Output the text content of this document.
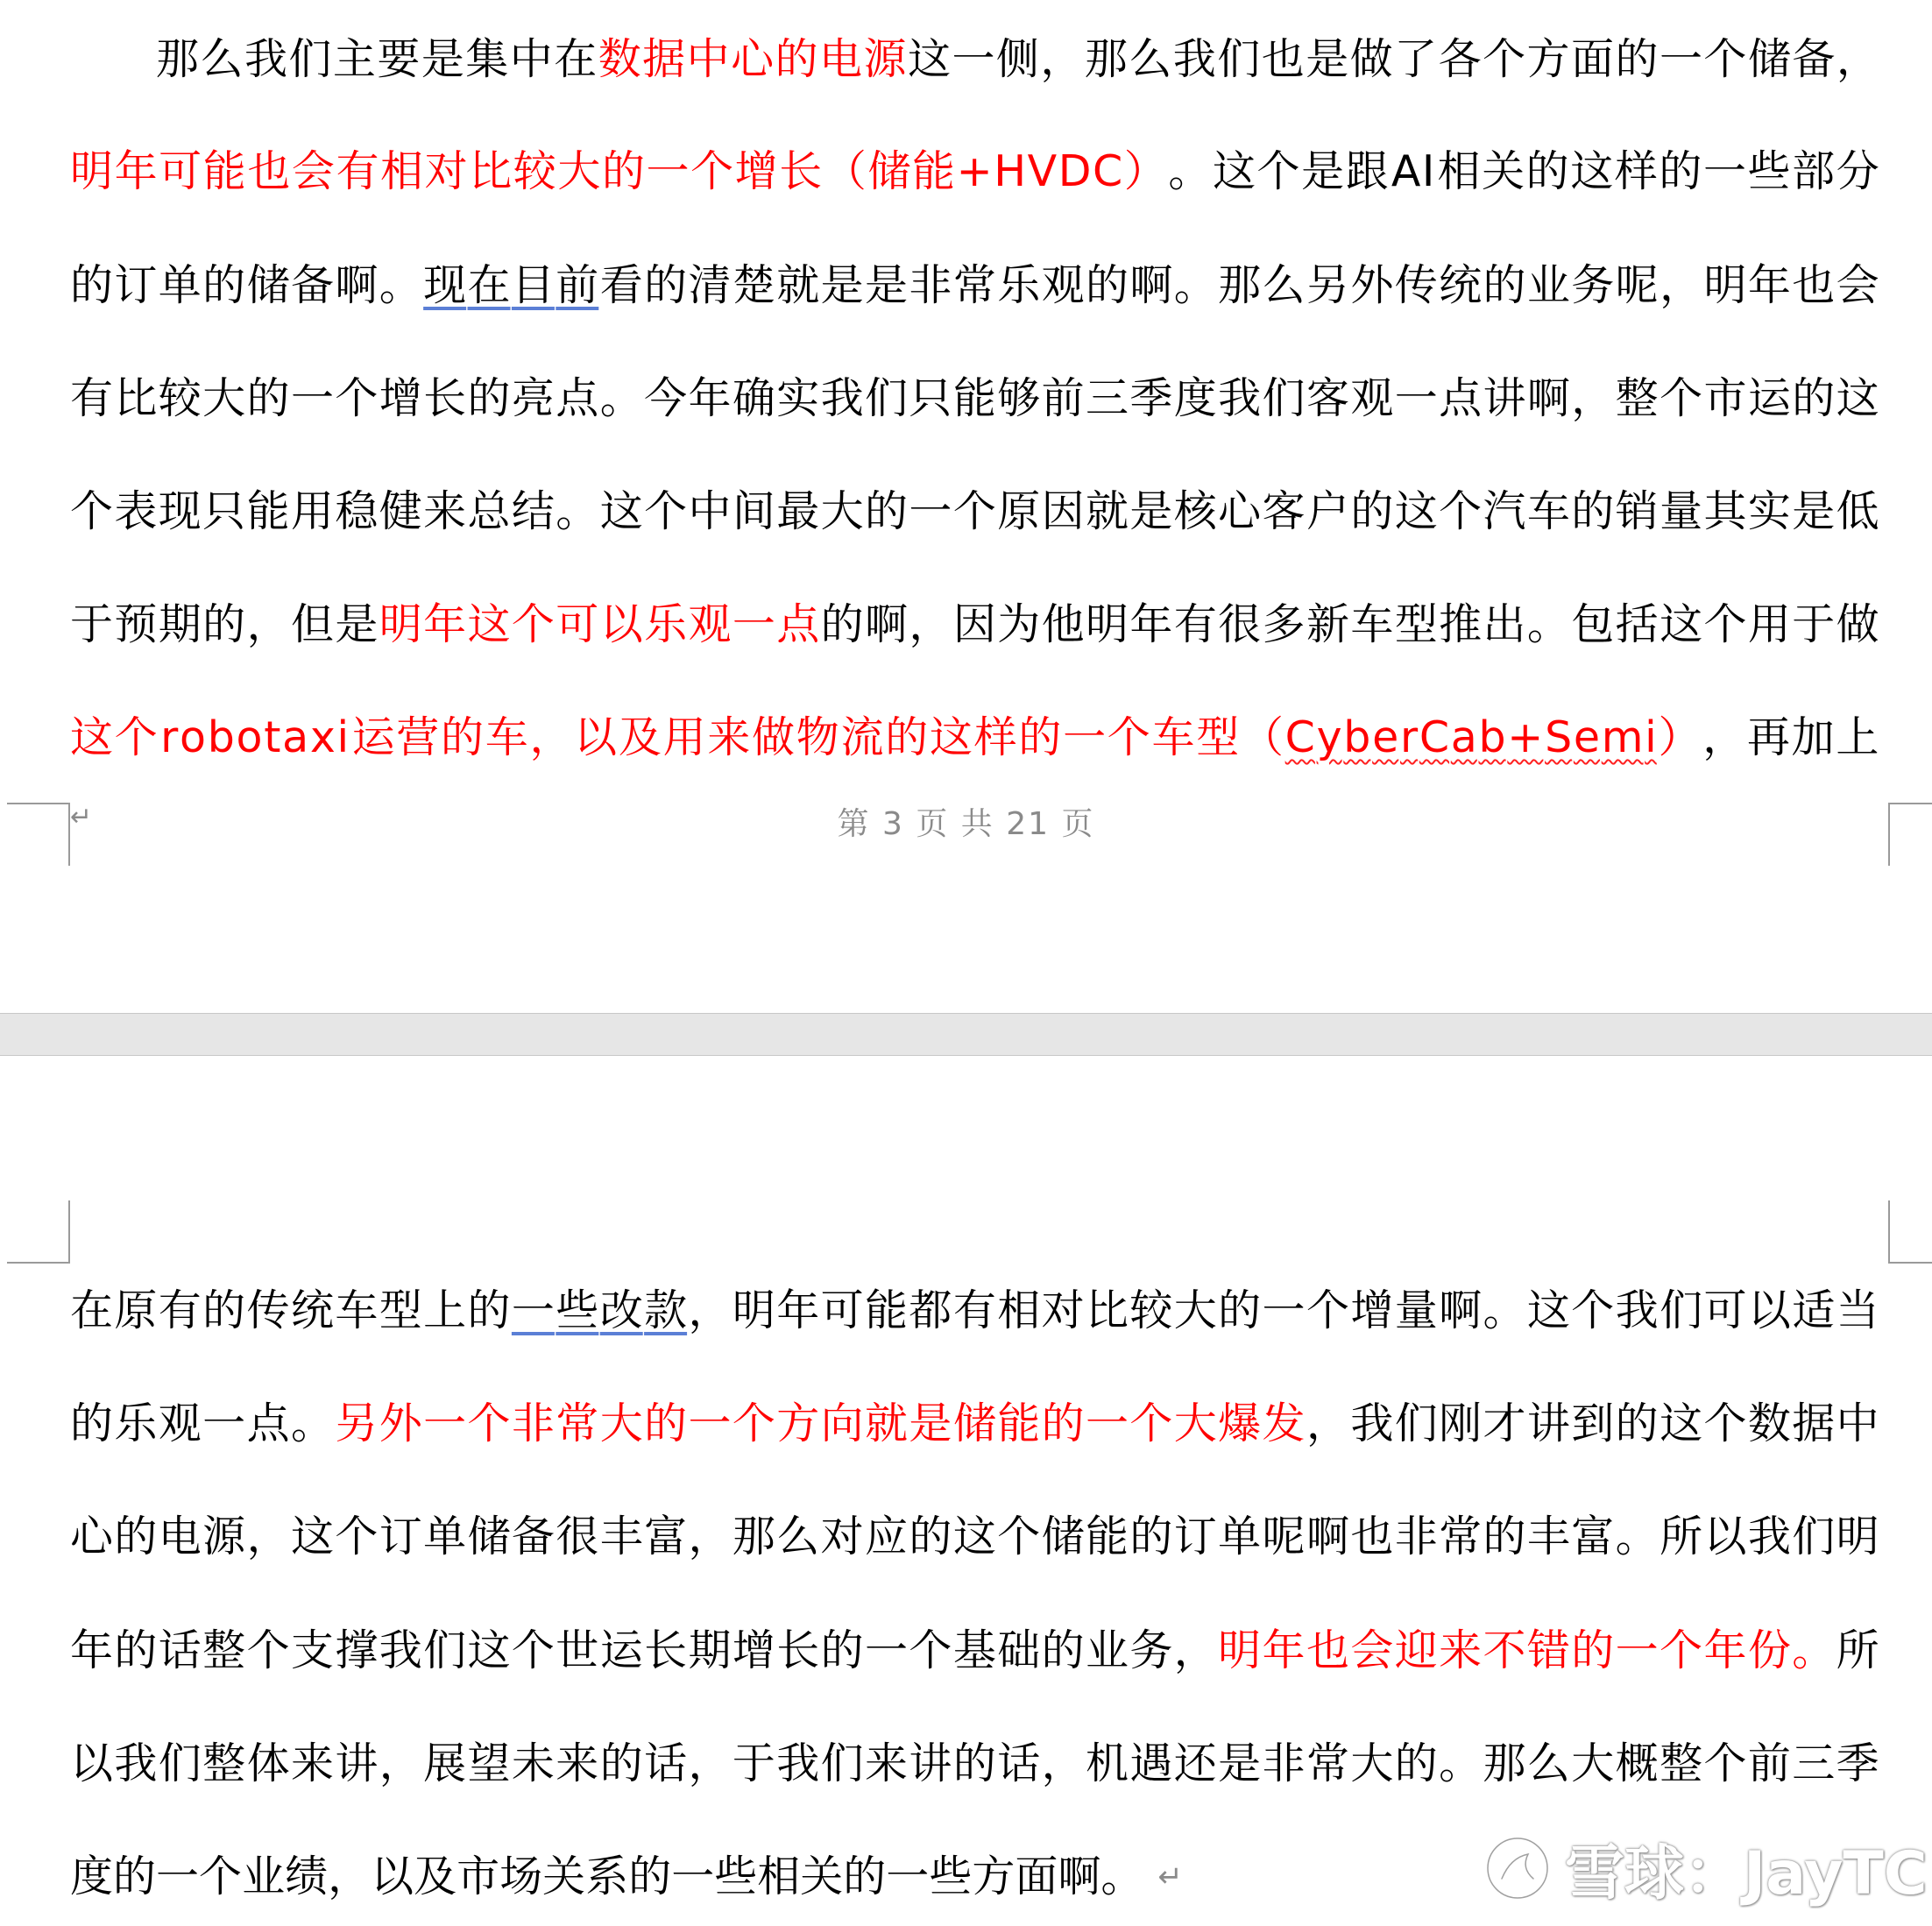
那 么 我 们 主 要 是 集 中 在 数 据 中 心 的 电 源 这 一 侧 ， 那 么 我 们 也 是 做 了 各 个 方 面 的 一 个 储 备 ，
明 年 可 能 也 会 有 相 对 比 较 大 的 一 个 增 长 （ 储 能 + H V D C ） 。 这 个 是 跟 A I 相 关 的 这 样 的 一 些 部 分
的 订 单 的 储 备 啊 。 现 在 目 前 看 的 清 楚 就 是 是 非 常 乐 观 的 啊 。 那 么 另 外 传 统 的 业 务 呢 ， 明 年 也 会
有 比 较 大 的 一 个 增 长 的 亮 点 。 今 年 确 实 我 们 只 能 够 前 三 季 度 我 们 客 观 一 点 讲 啊 ， 整 个 市 运 的 这
个 表 现 只 能 用 稳 健 来 总 结 。 这 个 中 间 最 大 的 一 个 原 因 就 是 核 心 客 户 的 这 个 汽 车 的 销 量 其 实 是 低
于 预 期 的 ， 但 是 明 年 这 个 可 以 乐 观 一 点 的 啊 ， 因 为 他 明 年 有 很 多 新 车 型 推 出 。 包 括 这 个 用 于 做
这 个 r o b o t a x i 运 营 的 车 ， 以 及 用 来 做 物 流 的 这 样 的 一 个 车 型 （ C y b e r C a b + S e m i ） ， 再 加 上
↵	第 3 页 共 21 页
在 原 有 的 传 统 车 型 上 的 一 些 改 款 ， 明 年 可 能 都 有 相 对 比 较 大 的 一 个 增 量 啊 。 这 个 我 们 可 以 适 当
的 乐 观 一 点 。 另 外 一 个 非 常 大 的 一 个 方 向 就 是 储 能 的 一 个 大 爆 发 ， 我 们 刚 才 讲 到 的 这 个 数 据 中
心 的 电 源 ， 这 个 订 单 储 备 很 丰 富 ， 那 么 对 应 的 这 个 储 能 的 订 单 呢 啊 也 非 常 的 丰 富 。 所 以 我 们 明
年 的 话 整 个 支 撑 我 们 这 个 世 运 长 期 增 长 的 一 个 基 础 的 业 务 ， 明 年 也 会 迎 来 不 错 的 一 个 年 份 。 所
以 我 们 整 体 来 讲 ， 展 望 未 来 的 话 ， 于 我 们 来 讲 的 话 ， 机 遇 还 是 非 常 大 的 。 那 么 大 概 整 个 前 三 季
度 的 一 个 业 绩 ， 以 及 市 场 关 系 的 一 些 相 关 的 一 些 方 面 啊 。 ↵	雪球：JayTC
